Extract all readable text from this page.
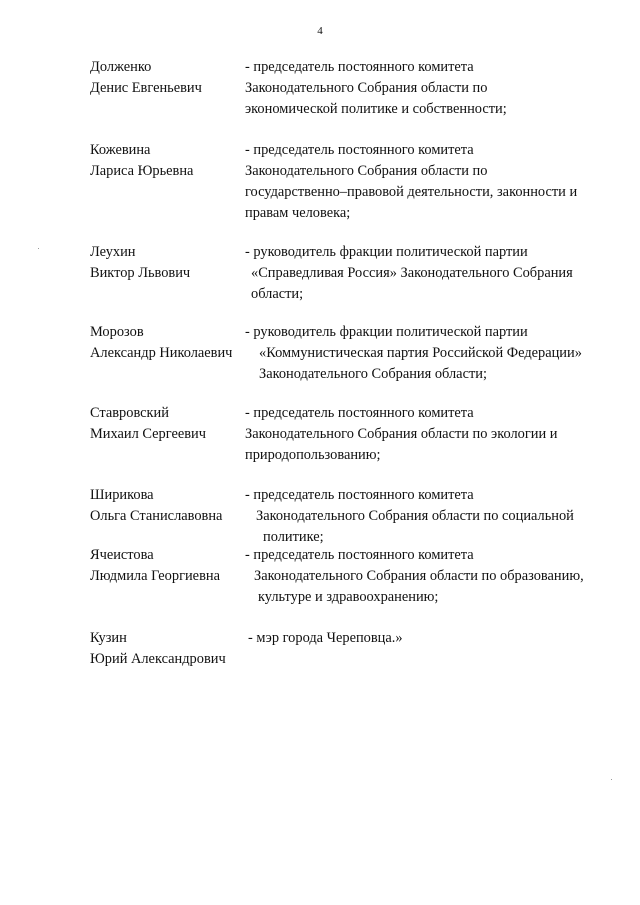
4
Долженко
Денис Евгеньевич
- председатель постоянного комитета
Законодательного Собрания области по
экономической политике и собственности;
Кожевина
Лариса Юрьевна
- председатель постоянного комитета
Законодательного Собрания области по
государственно–правовой деятельности, законности и
правам человека;
Леухин
Виктор Львович
- руководитель фракции политической партии
«Справедливая Россия» Законодательного Собрания
области;
Морозов
Александр Николаевич
- руководитель фракции политической партии
«Коммунистическая партия Российской Федерации»
Законодательного Собрания области;
Ставровский
Михаил Сергеевич
- председатель постоянного комитета
Законодательного Собрания области по экологии и
природопользованию;
Ширикова
Ольга Станиславовна
- председатель постоянного комитета
Законодательного Собрания области по социальной
политике;
Ячеистова
Людмила Георгиевна
- председатель постоянного комитета
Законодательного Собрания области по образованию,
культуре и здравоохранению;
Кузин
Юрий Александрович
- мэр города Череповца.»
